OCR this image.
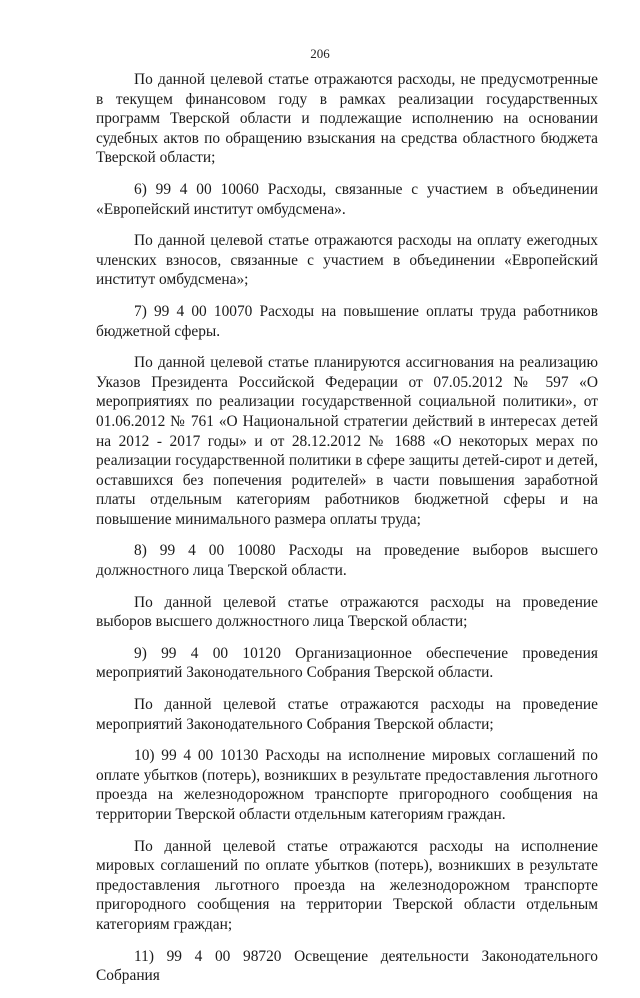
206

По данной целевой статье отражаются расходы, не предусмотренные в текущем финансовом году в рамках реализации государственных программ Тверской области и подлежащие исполнению на основании судебных актов по обращению взыскания на средства областного бюджета Тверской области;

6) 99 4 00 10060 Расходы, связанные с участием в объединении «Европейский институт омбудсмена».

По данной целевой статье отражаются расходы на оплату ежегодных членских взносов, связанные с участием в объединении «Европейский институт омбудсмена»;

7) 99 4 00 10070 Расходы на повышение оплаты труда работников бюджетной сферы.

По данной целевой статье планируются ассигнования на реализацию Указов Президента Российской Федерации от 07.05.2012 № 597 «О мероприятиях по реализации государственной социальной политики», от 01.06.2012 № 761 «О Национальной стратегии действий в интересах детей на 2012 - 2017 годы» и от 28.12.2012 № 1688 «О некоторых мерах по реализации государственной политики в сфере защиты детей-сирот и детей, оставшихся без попечения родителей» в части повышения заработной платы отдельным категориям работников бюджетной сферы и на повышение минимального размера оплаты труда;

8) 99 4 00 10080 Расходы на проведение выборов высшего должностного лица Тверской области.

По данной целевой статье отражаются расходы на проведение выборов высшего должностного лица Тверской области;

9) 99 4 00 10120 Организационное обеспечение проведения мероприятий Законодательного Собрания Тверской области.

По данной целевой статье отражаются расходы на проведение мероприятий Законодательного Собрания Тверской области;

10) 99 4 00 10130 Расходы на исполнение мировых соглашений по оплате убытков (потерь), возникших в результате предоставления льготного проезда на железнодорожном транспорте пригородного сообщения на территории Тверской области отдельным категориям граждан.

По данной целевой статье отражаются расходы на исполнение мировых соглашений по оплате убытков (потерь), возникших в результате предоставления льготного проезда на железнодорожном транспорте пригородного сообщения на территории Тверской области отдельным категориям граждан;

11) 99 4 00 98720 Освещение деятельности Законодательного Собрания
